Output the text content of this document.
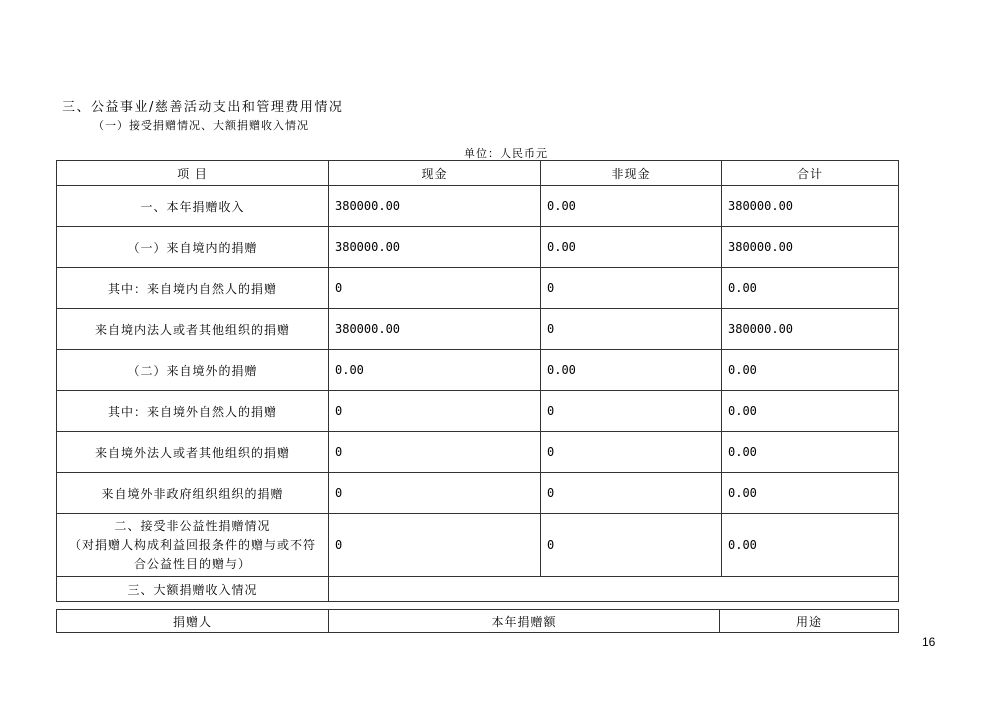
三、公益事业/慈善活动支出和管理费用情况
（一）接受捐赠情况、大额捐赠收入情况
单位：人民币元
项 目	现金	非现金	合计
一、本年捐赠收入	380000.00	0.00	380000.00
（一）来自境内的捐赠	380000.00	0.00	380000.00
其中：来自境内自然人的捐赠	0	0	0.00
来自境内法人或者其他组织的捐赠	380000.00	0	380000.00
（二）来自境外的捐赠	0.00	0.00	0.00
其中：来自境外自然人的捐赠	0	0	0.00
来自境外法人或者其他组织的捐赠	0	0	0.00
来自境外非政府组织组织的捐赠	0	0	0.00

二、接受非公益性捐赠情况
（对捐赠人构成利益回报条件的赠与或不符
合公益性目的赠与）	0	0	0.00
三、大额捐赠收入情况			
捐赠人	本年捐赠额	用途
16
